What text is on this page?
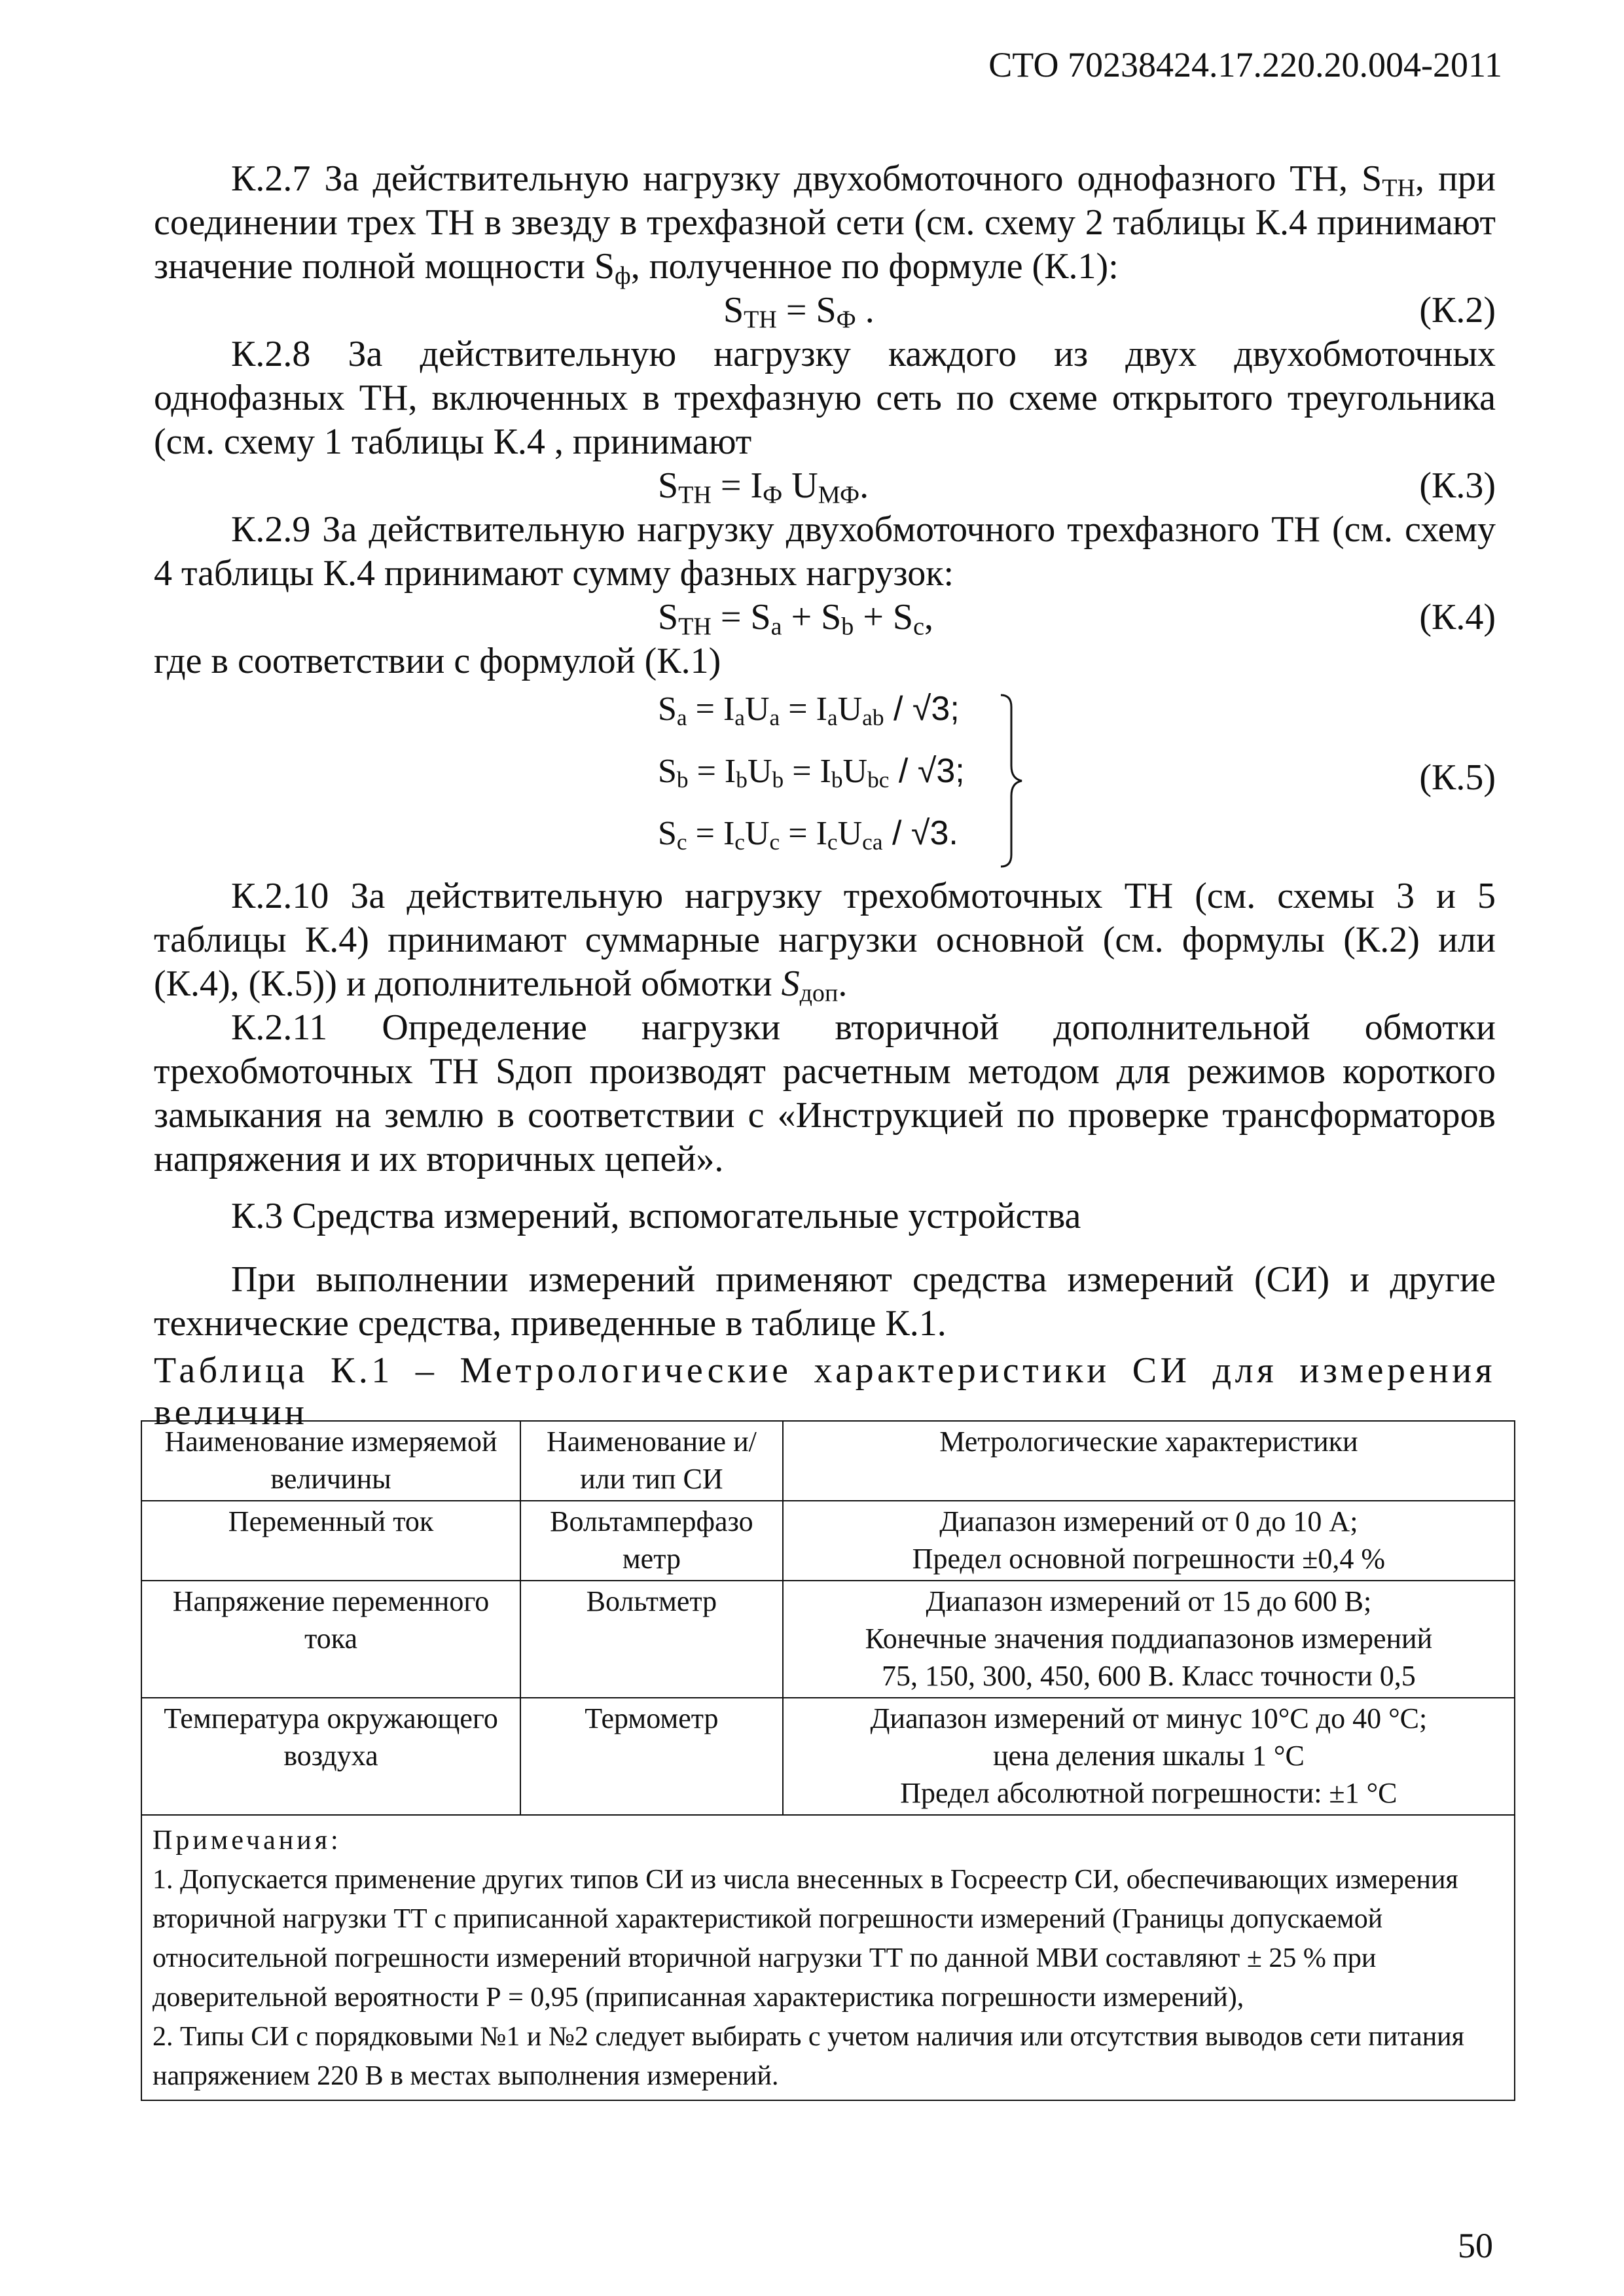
СТО 70238424.17.220.20.004-2011

К.2.7 За действительную нагрузку двухобмоточного однофазного ТН, $S_{TH}$, при соединении трех ТН в звезду в трехфазной сети (см. схему 2 таблицы К.4 принимают значение полной мощности $S_ф$, полученное по формуле (К.1):

$S_{TH} = S_Ф$ .	(К.2)

К.2.8 За действительную нагрузку каждого из двух двухобмоточных однофазных ТН, включенных в трехфазную сеть по схеме открытого треугольника (см. схему 1 таблицы К.4 , принимают

$S_{TH} = I_Ф$ $U_{МФ}$.	(К.3)

К.2.9 За действительную нагрузку двухобмоточного трехфазного ТН (см. схему 4 таблицы К.4 принимают сумму фазных нагрузок:

$S_{TH} = S_a + S_b + S_c$,	(К.4)

где в соответствии с формулой (К.1)

$S_a = I_aU_a = I_aU_{ab} / √3$;
$S_b = I_bU_b = I_bU_{bc} / √3$;
$S_c = I_cU_c = I_cU_{ca} / √3$.
(К.5)

К.2.10 За действительную нагрузку трехобмоточных ТН (см. схемы 3 и 5 таблицы К.4) принимают суммарные нагрузки основной (см. формулы (К.2) или (К.4), (К.5)) и дополнительной обмотки $S_{доп}$.

К.2.11 Определение нагрузки вторичной дополнительной обмотки трехобмоточных ТН Sдоп производят расчетным методом для режимов короткого замыкания на землю в соответствии с «Инструкцией по проверке трансформаторов напряжения и их вторичных цепей».

К.3 Средства измерений, вспомогательные устройства

При выполнении измерений применяют средства измерений (СИ) и другие технические средства, приведенные в таблице К.1.

Таблица К.1 – Метрологические характеристики СИ для измерения величин

Наименование измеряемой величины	Наименование и/или тип СИ	Метрологические характеристики
Переменный ток	Вольтамперфазо метр	Диапазон измерений от 0 до 10 А;
Предел основной погрешности ±0,4 %

Напряжение переменного тока	Вольтметр	Диапазон измерений от 15 до 600 В;
Конечные значения поддиапазонов измерений
75, 150, 300, 450, 600 В. Класс точности 0,5

Температура окружающего воздуха	Термометр	Диапазон измерений от минус 10°С до 40 °С;
цена деления шкалы 1 °С
Предел абсолютной погрешности: ±1 °С

Примечания:
1. Допускается применение других типов СИ из числа внесенных в Госреестр СИ, обеспечивающих измерения вторичной нагрузки ТТ с приписанной характеристикой погрешности измерений (Границы допускаемой относительной погрешности измерений вторичной нагрузки ТТ по данной МВИ составляют ± 25 % при доверительной вероятности Р = 0,95 (приписанная характеристика погрешности измерений),
2. Типы СИ с порядковыми №1 и №2 следует выбирать с учетом наличия или отсутствия выводов сети питания напряжением 220 В в местах выполнения измерений.		
50
